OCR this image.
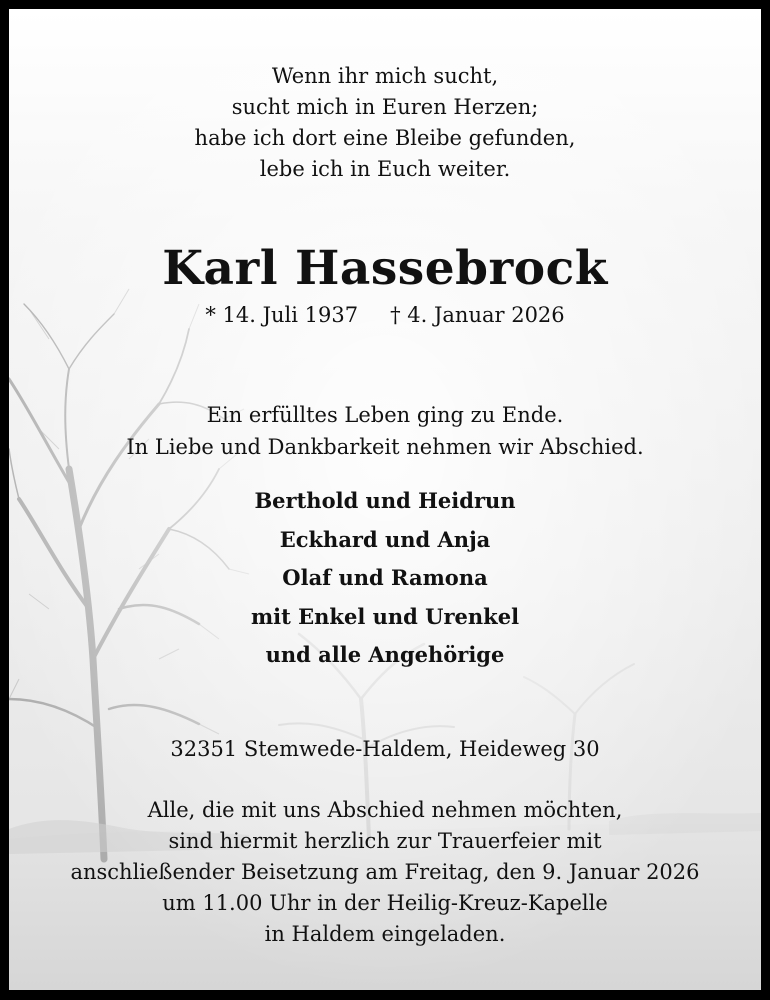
Wenn ihr mich sucht,
sucht mich in Euren Herzen;
habe ich dort eine Bleibe gefunden,
lebe ich in Euch weiter.
Karl Hassebrock
* 14. Juli 1937 † 4. Januar 2026
Ein erfülltes Leben ging zu Ende.
In Liebe und Dankbarkeit nehmen wir Abschied.
Berthold und Heidrun
Eckhard und Anja
Olaf und Ramona
mit Enkel und Urenkel
und alle Angehörige
32351 Stemwede-Haldem, Heideweg 30
Alle, die mit uns Abschied nehmen möchten,
sind hiermit herzlich zur Trauerfeier mit
anschließender Beisetzung am Freitag, den 9. Januar 2026
um 11.00 Uhr in der Heilig-Kreuz-Kapelle
in Haldem eingeladen.
